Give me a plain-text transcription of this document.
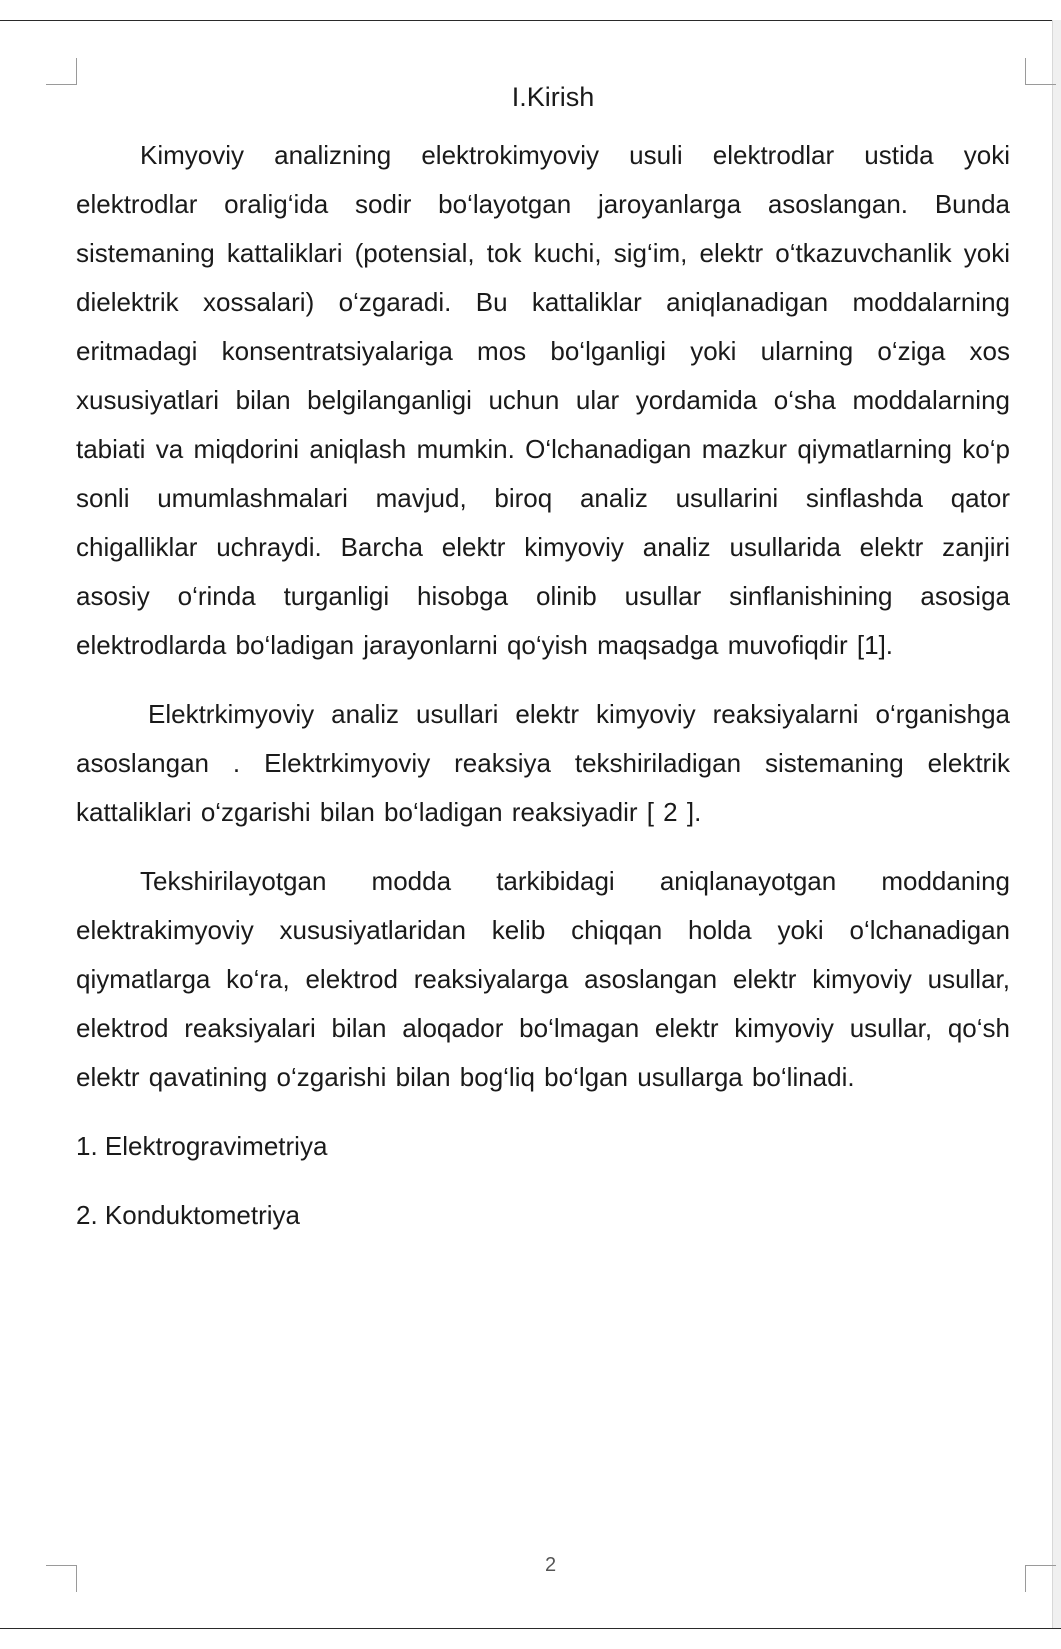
I.Kirish

Kimyoviy analizning elektrokimyoviy usuli elektrodlar ustida yoki elektrodlar oralig‘ida sodir bo‘layotgan jaroyanlarga asoslangan. Bunda sistemaning kattaliklari (potensial, tok kuchi, sig‘im, elektr o‘tkazuvchanlik yoki dielektrik xossalari) o‘zgaradi. Bu kattaliklar aniqlanadigan moddalarning eritmadagi konsentratsiyalariga mos bo‘lganligi yoki ularning o‘ziga xos xususiyatlari bilan belgilanganligi uchun ular yordamida o‘sha moddalarning tabiati va miqdorini aniqlash mumkin. O‘lchanadigan mazkur qiymatlarning ko‘p sonli umumlashmalari mavjud, biroq analiz usullarini sinflashda qator chigalliklar uchraydi. Barcha elektr kimyoviy analiz usullarida elektr zanjiri asosiy o‘rinda turganligi hisobga olinib usullar sinflanishining asosiga elektrodlarda bo‘ladigan jarayonlarni qo‘yish maqsadga muvofiqdir [1].

Elektrkimyoviy analiz usullari elektr kimyoviy reaksiyalarni o‘rganishga asoslangan . Elektrkimyoviy reaksiya tekshiriladigan sistemaning elektrik kattaliklari o‘zgarishi bilan bo‘ladigan reaksiyadir [ 2 ].

Tekshirilayotgan modda tarkibidagi aniqlanayotgan moddaning elektrakimyoviy xususiyatlaridan kelib chiqqan holda yoki o‘lchanadigan qiymatlarga ko‘ra, elektrod reaksiyalarga asoslangan elektr kimyoviy usullar, elektrod reaksiyalari bilan aloqador bo‘lmagan elektr kimyoviy usullar, qo‘sh elektr qavatining o‘zgarishi bilan bog‘liq bo‘lgan usullarga bo‘linadi.

1. Elektrogravimetriya
2. Konduktometriya
2
